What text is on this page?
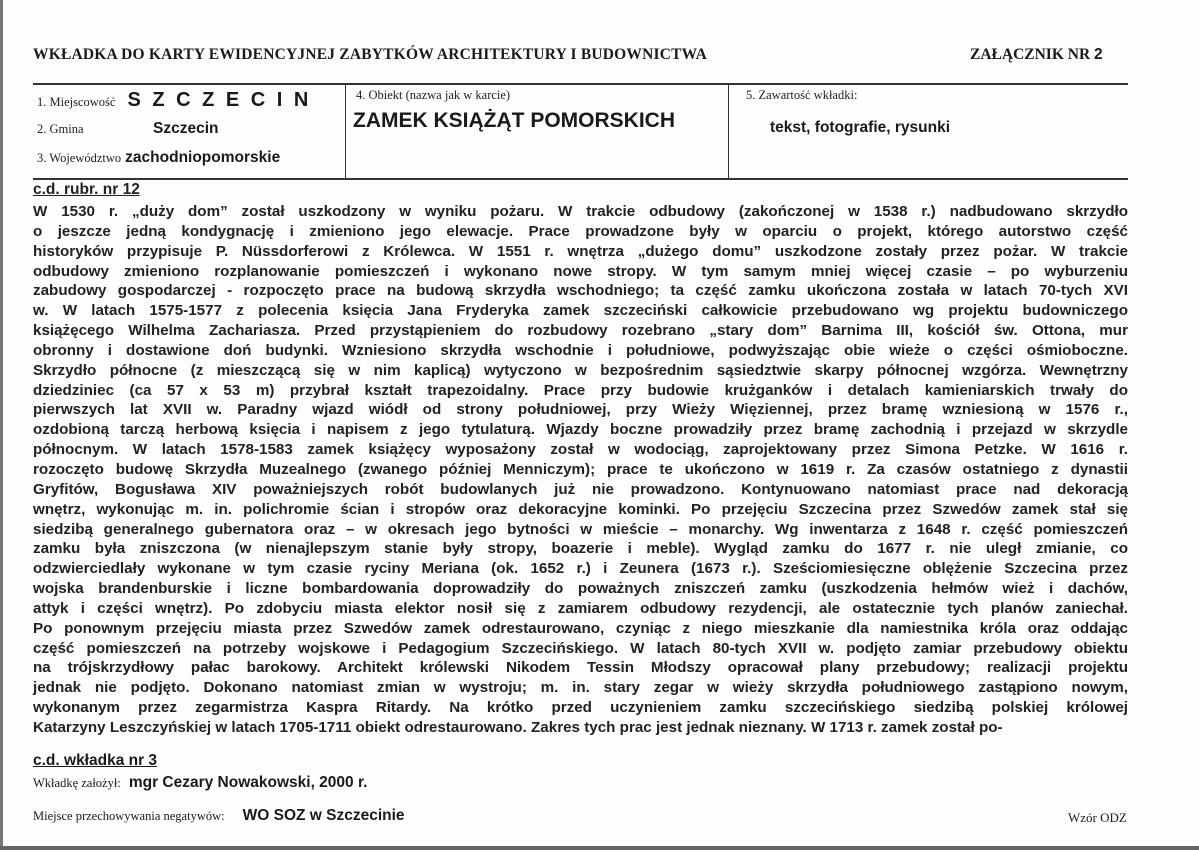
WKŁADKA DO KARTY EWIDENCYJNEJ ZABYTKÓW ARCHITEKTURY I BUDOWNICTWA	ZAŁĄCZNIK NR 2
1. Miejscowość S Z C Z E C I N
2. Gmina	Szczecin
3. Województwo zachodniopomorskie
4. Obiekt (nazwa jak w karcie)
ZAMEK KSIĄŻĄT POMORSKICH
5. Zawartość wkładki:
tekst, fotografie, rysunki
c.d. rubr. nr 12
W 1530 r. „duży dom” został uszkodzony w wyniku pożaru. W trakcie odbudowy (zakończonej w 1538 r.) nadbudowano skrzydło
o jeszcze jedną kondygnację i zmieniono jego elewacje. Prace prowadzone były w oparciu o projekt, którego autorstwo część
historyków przypisuje P. Nüssdorferowi z Królewca. W 1551 r. wnętrza „dużego domu” uszkodzone zostały przez pożar. W trakcie
odbudowy zmieniono rozplanowanie pomieszczeń i wykonano nowe stropy. W tym samym mniej więcej czasie – po wyburzeniu
zabudowy gospodarczej - rozpoczęto prace na budową skrzydła wschodniego; ta część zamku ukończona została w latach 70-tych XVI
w. W latach 1575-1577 z polecenia księcia Jana Fryderyka zamek szczeciński całkowicie przebudowano wg projektu budowniczego
książęcego Wilhelma Zachariasza. Przed przystąpieniem do rozbudowy rozebrano „stary dom” Barnima III, kościół św. Ottona, mur
obronny i dostawione doń budynki. Wzniesiono skrzydła wschodnie i południowe, podwyższając obie wieże o części ośmioboczne.
Skrzydło północne (z mieszczącą się w nim kaplicą) wytyczono w bezpośrednim sąsiedztwie skarpy północnej wzgórza. Wewnętrzny
dziedziniec (ca 57 x 53 m) przybrał kształt trapezoidalny. Prace przy budowie krużganków i detalach kamieniarskich trwały do
pierwszych lat XVII w. Paradny wjazd wiódł od strony południowej, przy Wieży Więziennej, przez bramę wzniesioną w 1576 r.,
ozdobioną tarczą herbową księcia i napisem z jego tytulaturą. Wjazdy boczne prowadziły przez bramę zachodnią i przejazd w skrzydle
północnym. W latach 1578-1583 zamek książęcy wyposażony został w wodociąg, zaprojektowany przez Simona Petzke. W 1616 r.
rozoczęto budowę Skrzydła Muzealnego (zwanego później Menniczym); prace te ukończono w 1619 r. Za czasów ostatniego z dynastii
Gryfitów, Bogusława XIV poważniejszych robót budowlanych już nie prowadzono. Kontynuowano natomiast prace nad dekoracją
wnętrz, wykonując m. in. polichromie ścian i stropów oraz dekoracyjne kominki. Po przejęciu Szczecina przez Szwedów zamek stał się
siedzibą generalnego gubernatora oraz – w okresach jego bytności w mieście – monarchy. Wg inwentarza z 1648 r. część pomieszczeń
zamku była zniszczona (w nienajlepszym stanie były stropy, boazerie i meble). Wygląd zamku do 1677 r. nie uległ zmianie, co
odzwierciedlały wykonane w tym czasie ryciny Meriana (ok. 1652 r.) i Zeunera (1673 r.). Sześciomiesięczne oblężenie Szczecina przez
wojska brandenburskie i liczne bombardowania doprowadziły do poważnych zniszczeń zamku (uszkodzenia hełmów wież i dachów,
attyk i części wnętrz). Po zdobyciu miasta elektor nosił się z zamiarem odbudowy rezydencji, ale ostatecznie tych planów zaniechał.
Po ponownym przejęciu miasta przez Szwedów zamek odrestaurowano, czyniąc z niego mieszkanie dla namiestnika króla oraz oddając
część pomieszczeń na potrzeby wojskowe i Pedagogium Szczecińskiego. W latach 80-tych XVII w. podjęto zamiar przebudowy obiektu
na trójskrzydłowy pałac barokowy. Architekt królewski Nikodem Tessin Młodszy opracował plany przebudowy; realizacji projektu
jednak nie podjęto. Dokonano natomiast zmian w wystroju; m. in. stary zegar w wieży skrzydła południowego zastąpiono nowym,
wykonanym przez zegarmistrza Kaspra Ritardy. Na krótko przed uczynieniem zamku szczecińskiego siedzibą polskiej królowej
Katarzyny Leszczyńskiej w latach 1705-1711 obiekt odrestaurowano. Zakres tych prac jest jednak nieznany. W 1713 r. zamek został po-
c.d. wkładka nr 3
Wkładkę założył: mgr Cezary Nowakowski, 2000 r.
Miejsce przechowywania negatywów: WO SOZ w Szczecinie	Wzór ODZ
